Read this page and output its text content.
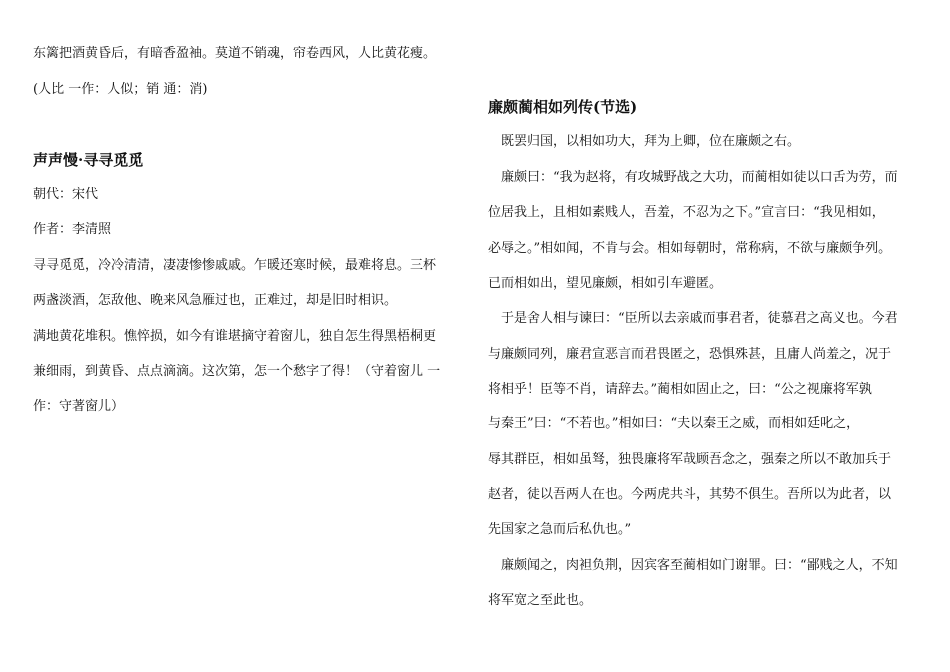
东篱把酒黄昏后，有暗香盈袖。莫道不销魂，帘卷西风，人比黄花瘦。
(人比 一作：人似；销 通：消)
声声慢·寻寻觅觅
朝代：宋代
作者：李清照
寻寻觅觅，冷冷清清，凄凄惨惨戚戚。乍暖还寒时候，最难将息。三杯
两盏淡酒，怎敌他、晚来风急雁过也，正难过，却是旧时相识。
满地黄花堆积。憔悴损，如今有谁堪摘守着窗儿，独自怎生得黑梧桐更
兼细雨，到黄昏、点点滴滴。这次第，怎一个愁字了得！（守着窗儿 一
作：守著窗儿）
廉颇蔺相如列传(节选)
　既罢归国，以相如功大，拜为上卿，位在廉颇之右。
　廉颇曰：“我为赵将，有攻城野战之大功，而蔺相如徒以口舌为劳，而
位居我上，且相如素贱人，吾羞，不忍为之下。”宣言曰：“我见相如，
必辱之。”相如闻，不肯与会。相如每朝时，常称病，不欲与廉颇争列。
已而相如出，望见廉颇，相如引车避匿。
　于是舍人相与谏曰：“臣所以去亲戚而事君者，徒慕君之高义也。今君
与廉颇同列，廉君宣恶言而君畏匿之，恐惧殊甚，且庸人尚羞之，况于
将相乎！臣等不肖，请辞去。”蔺相如固止之，曰：“公之视廉将军孰
与秦王”曰：“不若也。”相如曰：“夫以秦王之威，而相如廷叱之，
辱其群臣，相如虽驽，独畏廉将军哉顾吾念之，强秦之所以不敢加兵于
赵者，徒以吾两人在也。今两虎共斗，其势不俱生。吾所以为此者，以
先国家之急而后私仇也。”
　廉颇闻之，肉袒负荆，因宾客至蔺相如门谢罪。曰：“鄙贱之人，不知
将军宽之至此也。
